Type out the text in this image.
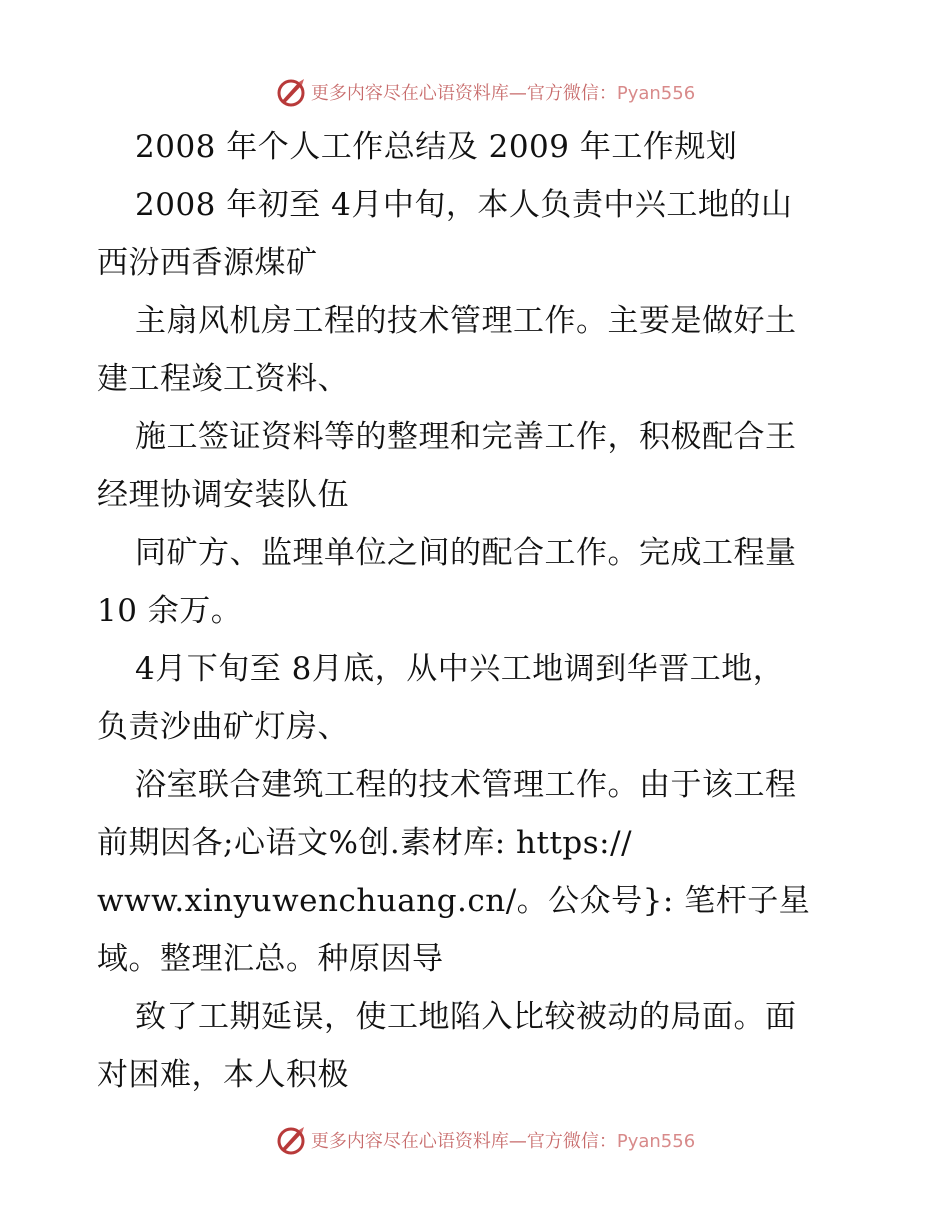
更多内容尽在心语资料库—官方微信：Pyan556
2008 年个人工作总结及 2009 年工作规划
2008 年初至 4月中旬，本人负责中兴工地的山
西汾西香源煤矿
主扇风机房工程的技术管理工作。主要是做好土
建工程竣工资料、
施工签证资料等的整理和完善工作，积极配合王
经理协调安装队伍
同矿方、监理单位之间的配合工作。完成工程量
10 余万。
4月下旬至 8月底，从中兴工地调到华晋工地，
负责沙曲矿灯房、
浴室联合建筑工程的技术管理工作。由于该工程
前期因各;心语文%创.素材库: https://
www.xinyuwenchuang.cn/。公众号}: 笔杆子星
域。整理汇总。种原因导
致了工期延误，使工地陷入比较被动的局面。面
对困难，本人积极
更多内容尽在心语资料库—官方微信：Pyan556
